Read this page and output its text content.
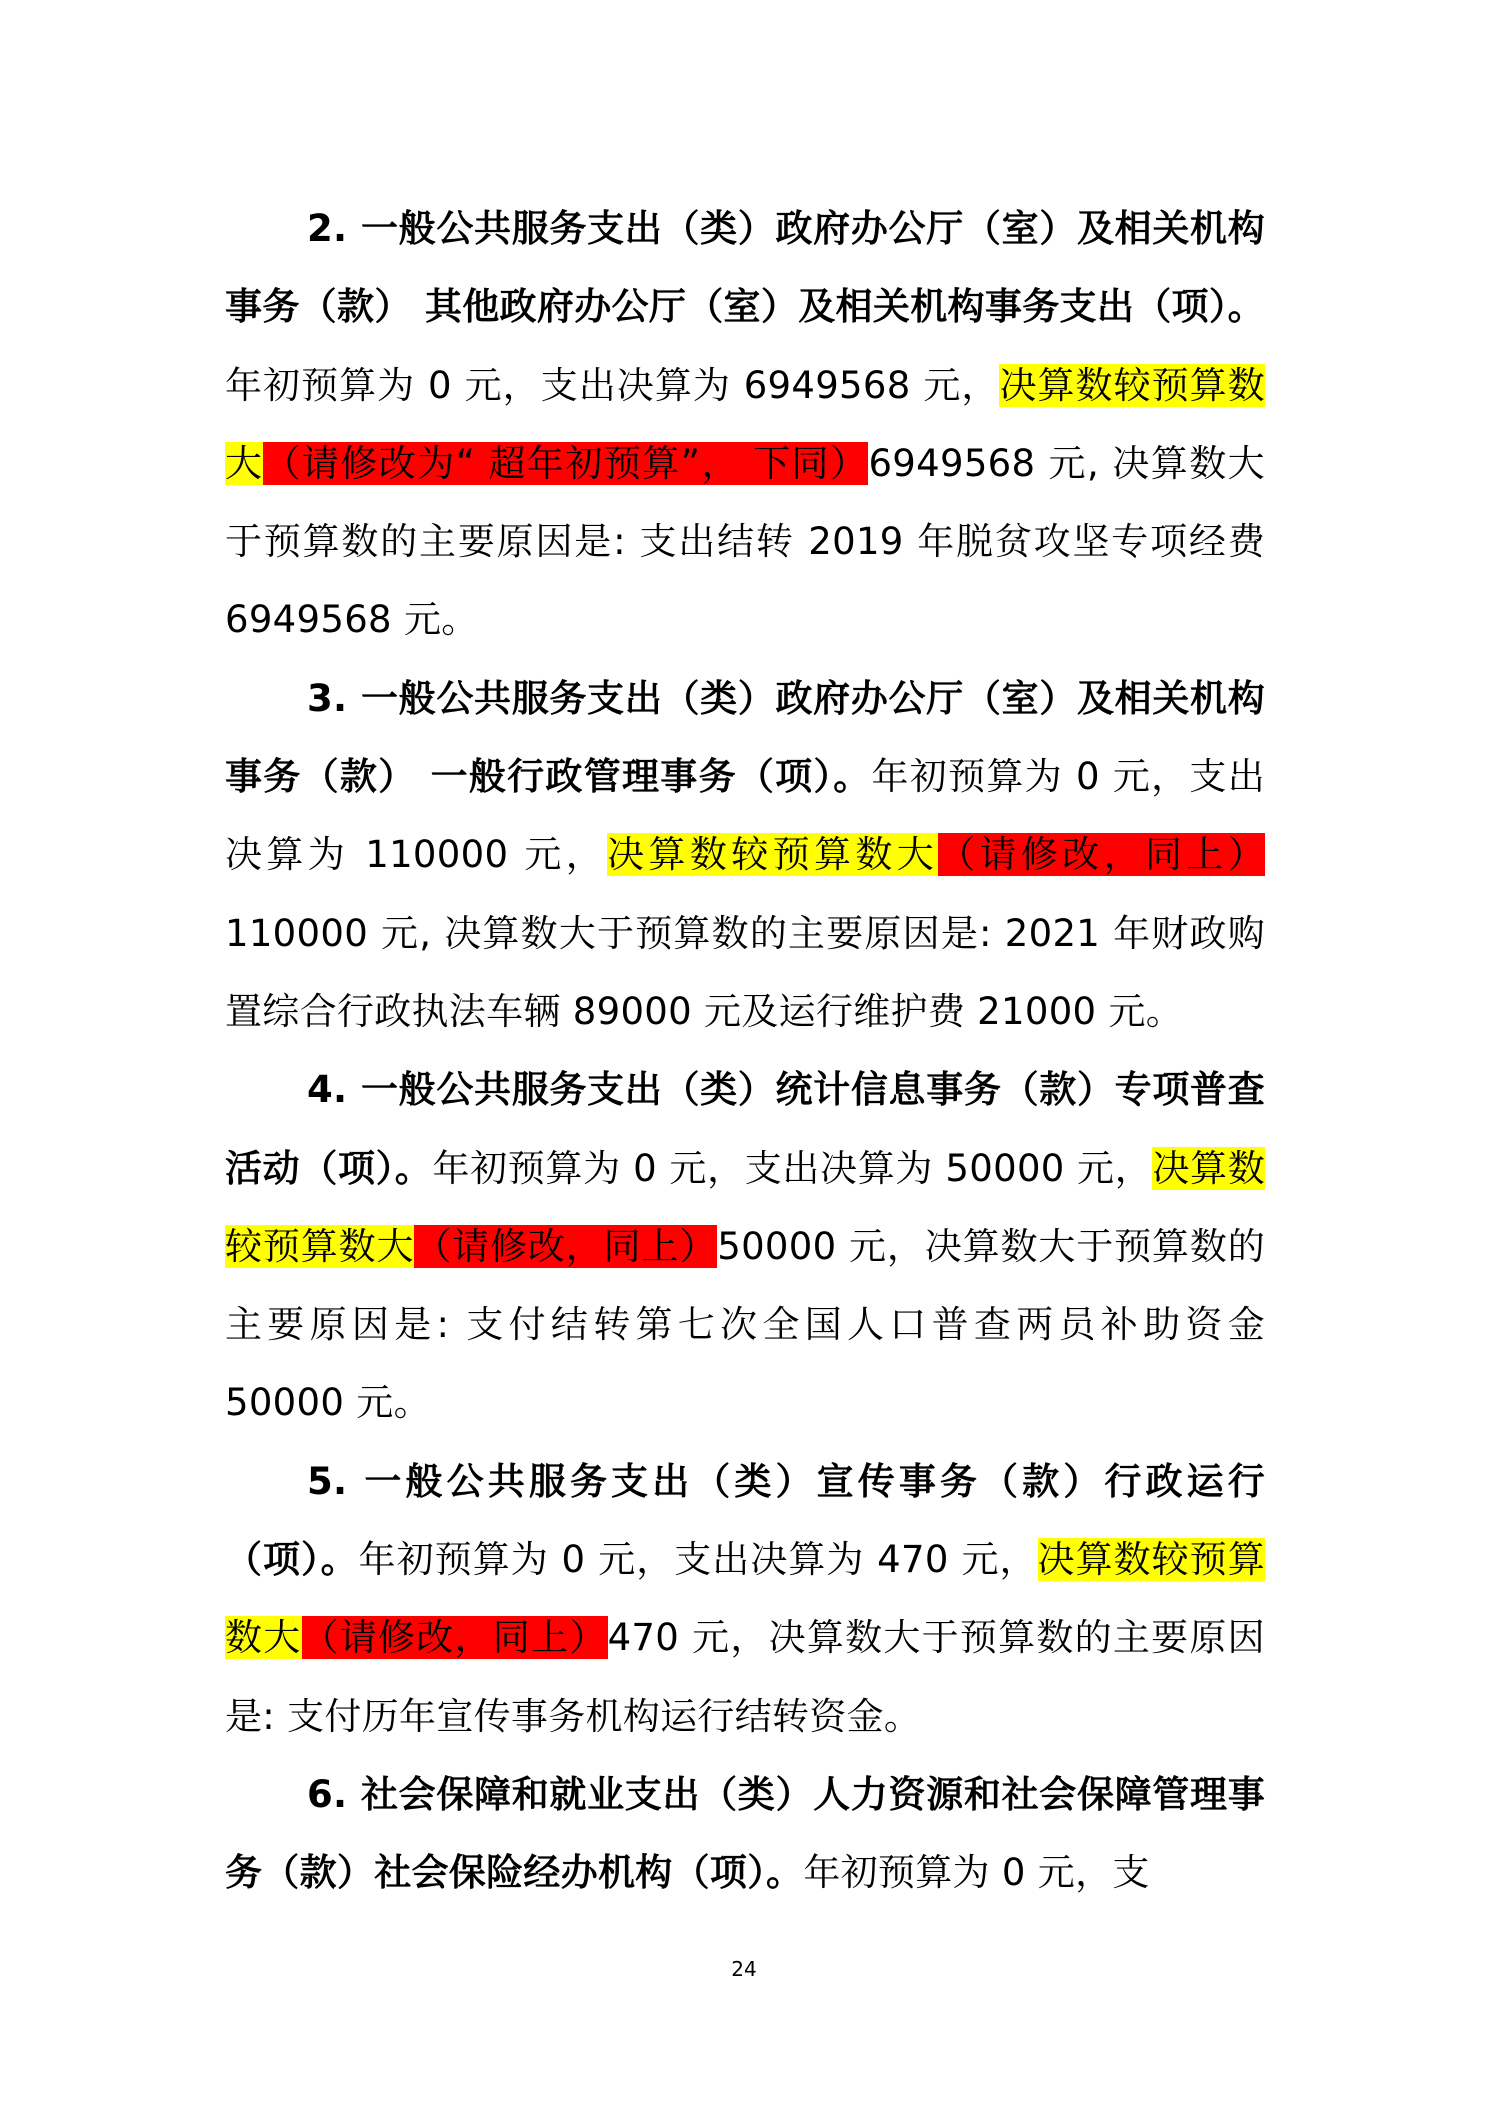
2. 一般公共服务支出（类）政府办公厅（室）及相关机构事务（款） 其他政府办公厅（室）及相关机构事务支出（项）。年初预算为 0 元，支出决算为 6949568 元，决算数较预算数大（请修改为“ 超年初预算”， 下同）6949568 元, 决算数大于预算数的主要原因是: 支出结转 2019 年脱贫攻坚专项经费 6949568 元。

3. 一般公共服务支出（类）政府办公厅（室）及相关机构事务（款） 一般行政管理事务（项）。年初预算为 0 元，支出决算为 110000 元，决算数较预算数大（请修改，同上）110000 元, 决算数大于预算数的主要原因是: 2021 年财政购置综合行政执法车辆 89000 元及运行维护费 21000 元。

4. 一般公共服务支出（类）统计信息事务（款）专项普查活动（项）。年初预算为 0 元，支出决算为 50000 元，决算数较预算数大（请修改，同上）50000 元，决算数大于预算数的主要原因是: 支付结转第七次全国人口普查两员补助资金 50000 元。

5. 一般公共服务支出（类）宣传事务（款）行政运行（项）。年初预算为 0 元，支出决算为 470 元，决算数较预算数大（请修改，同上）470 元，决算数大于预算数的主要原因是: 支付历年宣传事务机构运行结转资金。

6. 社会保障和就业支出（类）人力资源和社会保障管理事务（款）社会保险经办机构（项）。年初预算为 0 元，支

24
